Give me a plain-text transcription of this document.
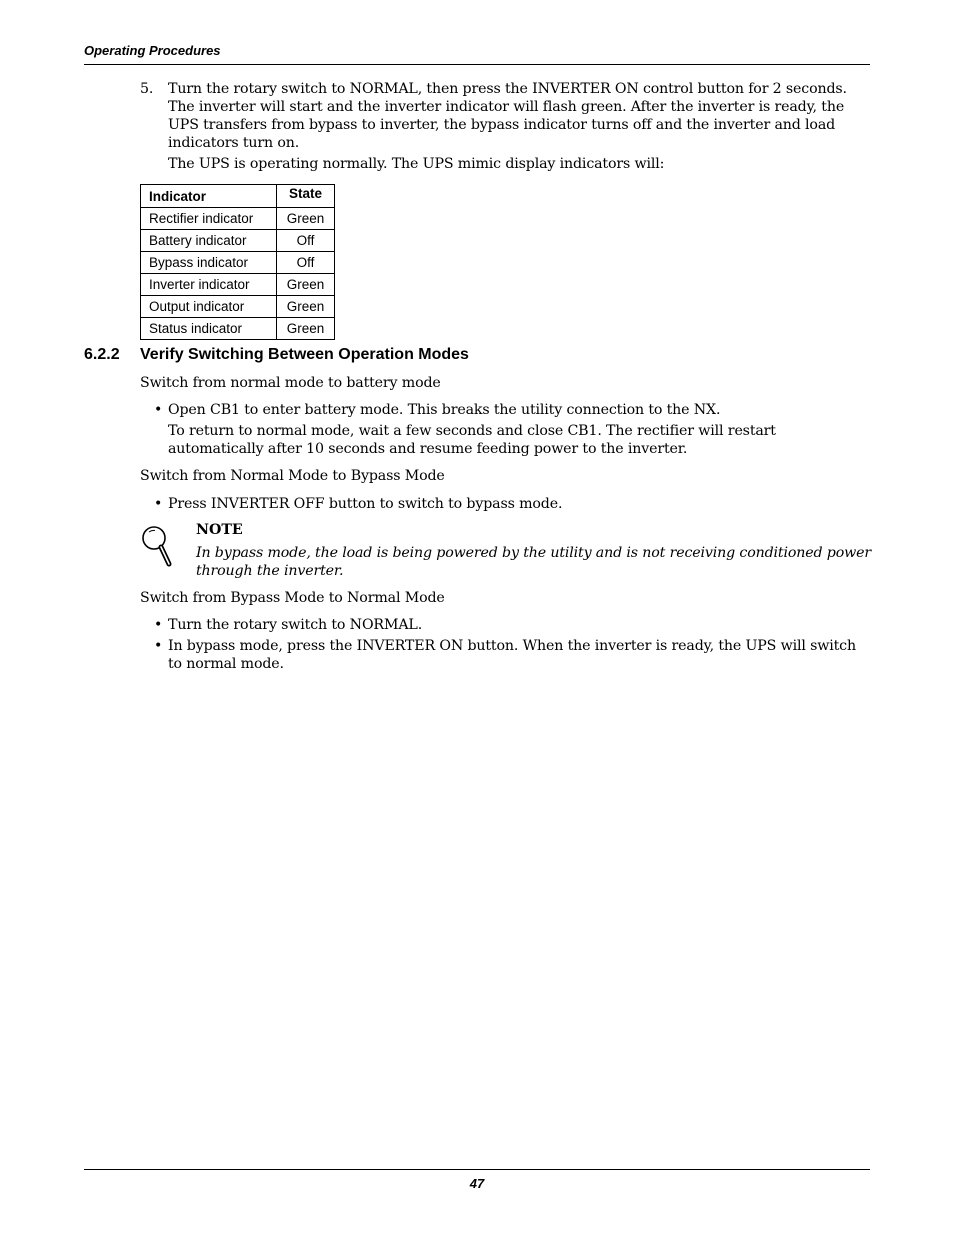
Operating Procedures
5. Turn the rotary switch to NORMAL, then press the INVERTER ON control button for 2 seconds. The inverter will start and the inverter indicator will flash green. After the inverter is ready, the UPS transfers from bypass to inverter, the bypass indicator turns off and the inverter and load indicators turn on.

The UPS is operating normally. The UPS mimic display indicators will:

Indicator	State
Rectifier indicator	Green
Battery indicator	Off
Bypass indicator	Off
Inverter indicator	Green
Output indicator	Green
Status indicator	Green
6.2.2 Verify Switching Between Operation Modes

Switch from normal mode to battery mode

• Open CB1 to enter battery mode. This breaks the utility connection to the NX.

To return to normal mode, wait a few seconds and close CB1. The rectifier will restart automatically after 10 seconds and resume feeding power to the inverter.

Switch from Normal Mode to Bypass Mode

• Press INVERTER OFF button to switch to bypass mode.

NOTE

In bypass mode, the load is being powered by the utility and is not receiving conditioned power through the inverter.

Switch from Bypass Mode to Normal Mode

• Turn the rotary switch to NORMAL.

• In bypass mode, press the INVERTER ON button. When the inverter is ready, the UPS will switch to normal mode.

47
